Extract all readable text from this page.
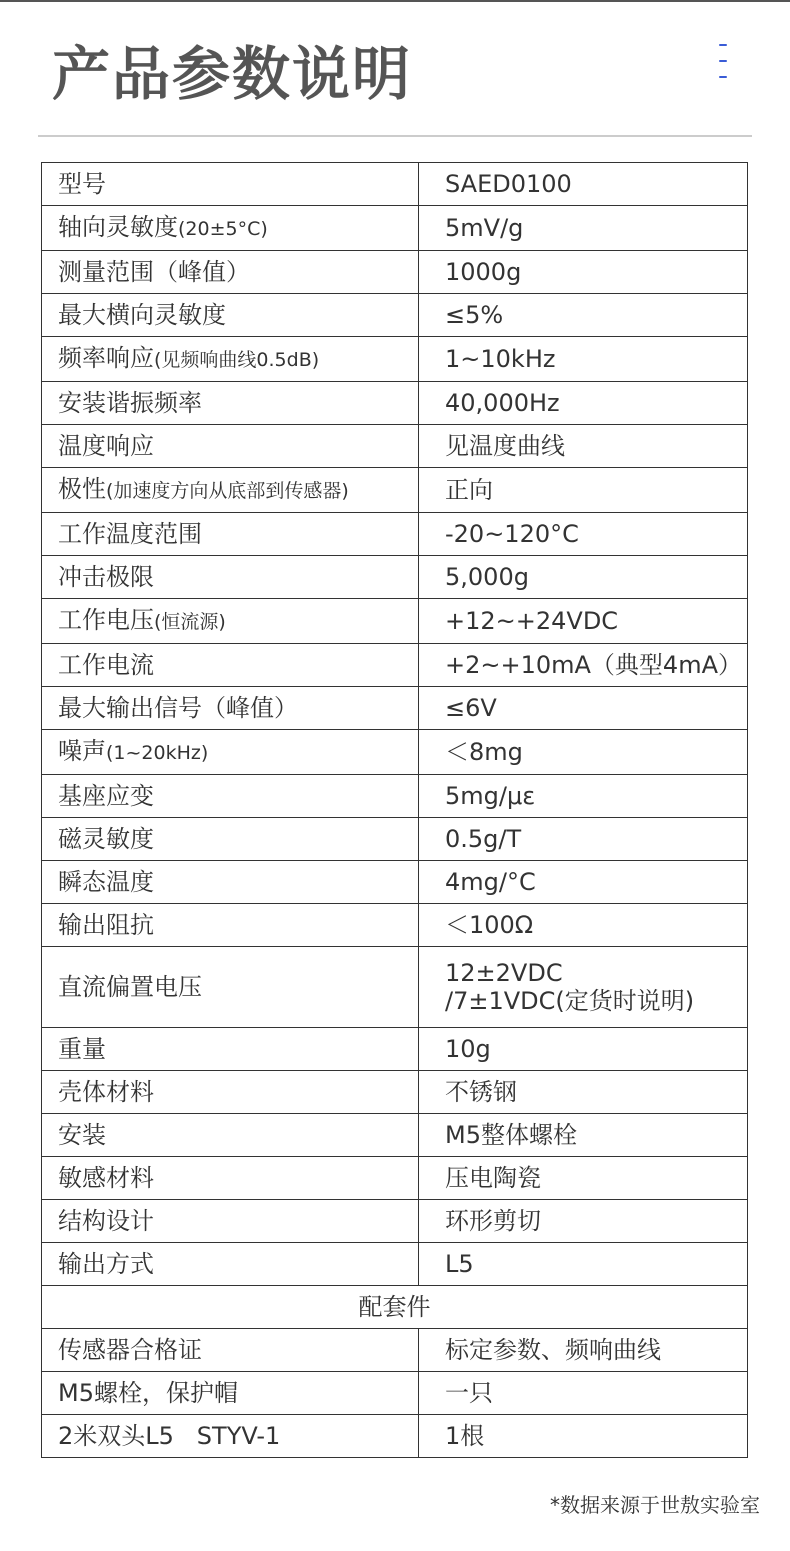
产品参数说明
型号	SAED0100
轴向灵敏度(20±5°C)	5mV/g
测量范围（峰值）	1000g
最大横向灵敏度	≤5%
频率响应(见频响曲线0.5dB)	1~10kHz
安装谐振频率	40,000Hz
温度响应	见温度曲线
极性(加速度方向从底部到传感器)	正向
工作温度范围	-20~120°C
冲击极限	5,000g
工作电压(恒流源)	+12~+24VDC
工作电流	+2~+10mA（典型4mA）
最大输出信号（峰值）	≤6V
噪声(1~20kHz)	＜8mg
基座应变	5mg/με
磁灵敏度	0.5g/T
瞬态温度	4mg/°C
输出阻抗	＜100Ω
直流偏置电压	12±2VDC
/7±1VDC(定货时说明)

重量	10g
壳体材料	不锈钢
安装	M5整体螺栓
敏感材料	压电陶瓷
结构设计	环形剪切
输出方式	L5
配套件	
传感器合格证	标定参数、频响曲线
M5螺栓，保护帽	一只
2米双头L5   STYV-1	1根
*数据来源于世敖实验室
